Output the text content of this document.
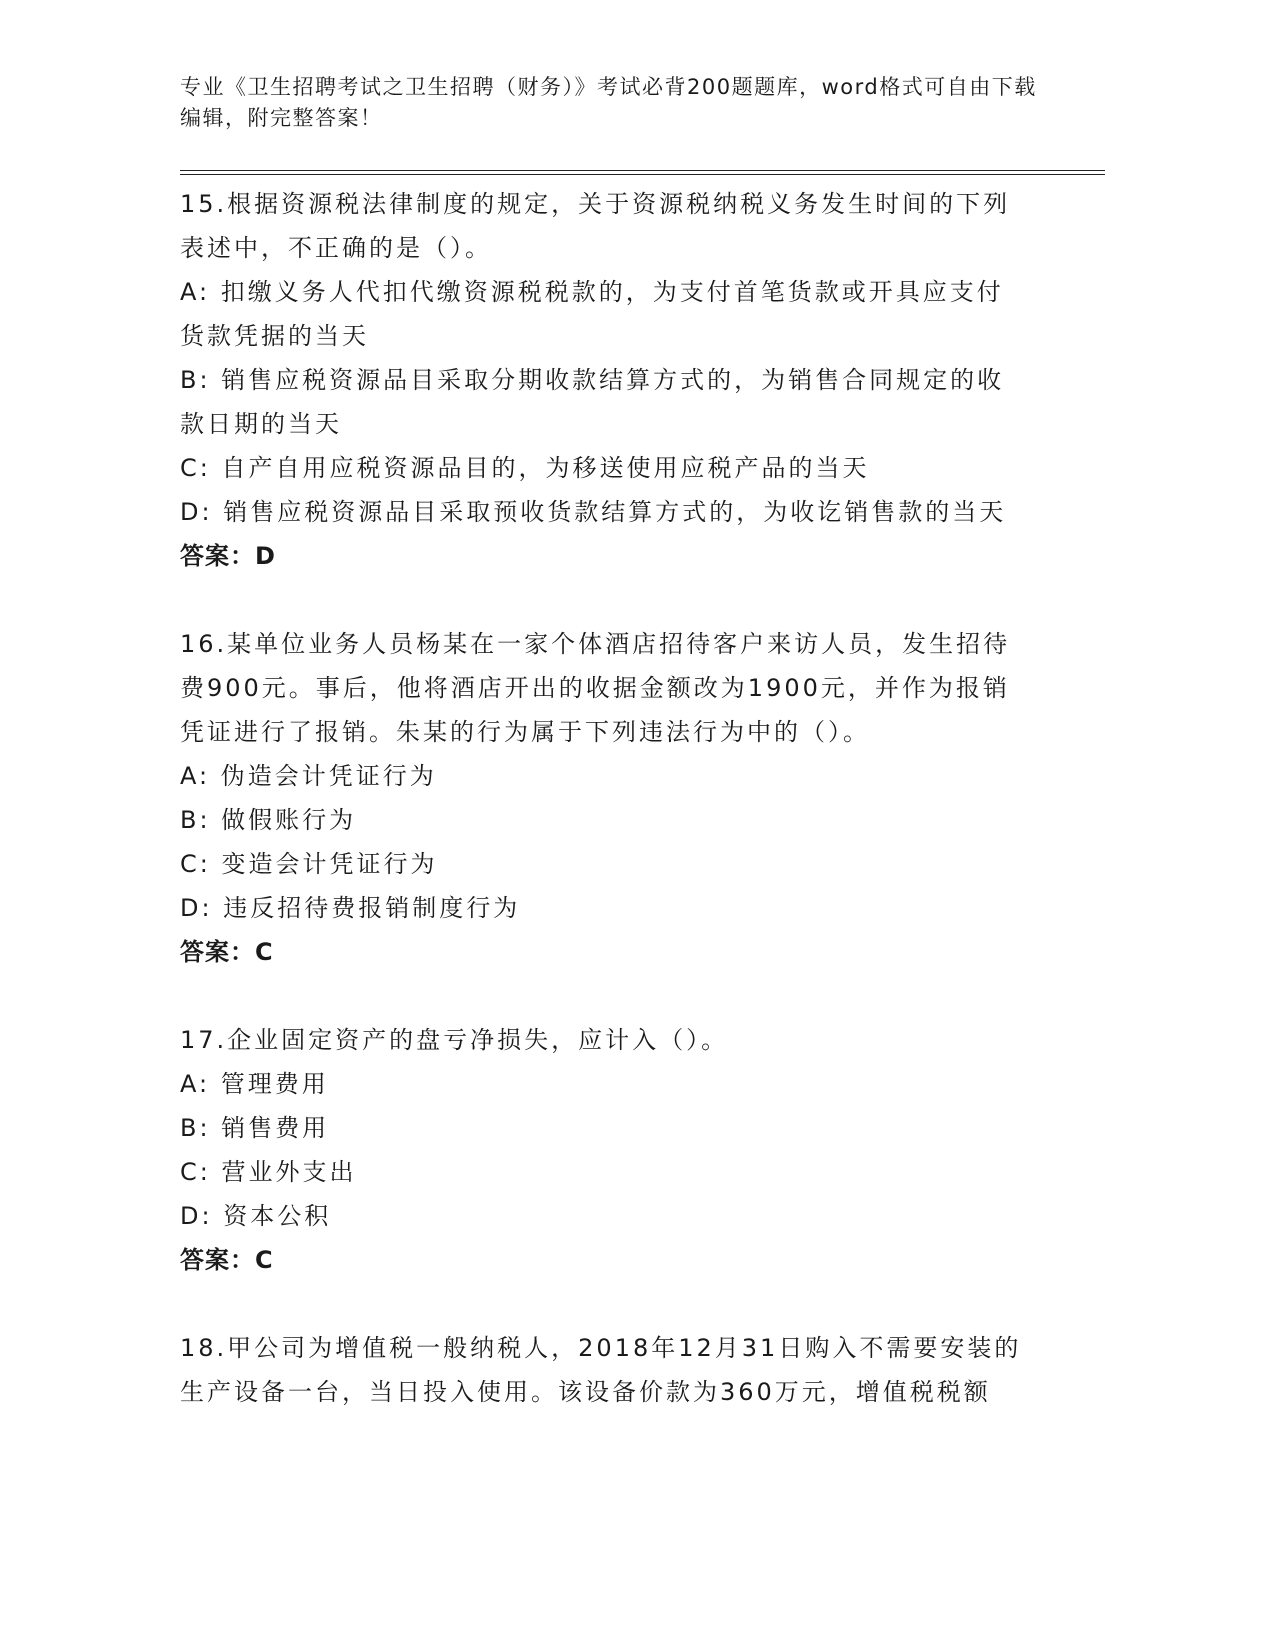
专业《卫生招聘考试之卫生招聘（财务）》考试必背200题题库，word格式可自由下载编辑，附完整答案！
15.根据资源税法律制度的规定，关于资源税纳税义务发生时间的下列
表述中，不正确的是（）。
A: 扣缴义务人代扣代缴资源税税款的，为支付首笔货款或开具应支付
货款凭据的当天
B: 销售应税资源品目采取分期收款结算方式的，为销售合同规定的收
款日期的当天
C: 自产自用应税资源品目的，为移送使用应税产品的当天
D: 销售应税资源品目采取预收货款结算方式的，为收讫销售款的当天
答案：D
16.某单位业务人员杨某在一家个体酒店招待客户来访人员，发生招待
费900元。事后，他将酒店开出的收据金额改为1900元，并作为报销
凭证进行了报销。朱某的行为属于下列违法行为中的（）。
A: 伪造会计凭证行为
B: 做假账行为
C: 变造会计凭证行为
D: 违反招待费报销制度行为
答案：C
17.企业固定资产的盘亏净损失，应计入（）。
A: 管理费用
B: 销售费用
C: 营业外支出
D: 资本公积
答案：C
18.甲公司为增值税一般纳税人，2018年12月31日购入不需要安装的
生产设备一台，当日投入使用。该设备价款为360万元，增值税税额
